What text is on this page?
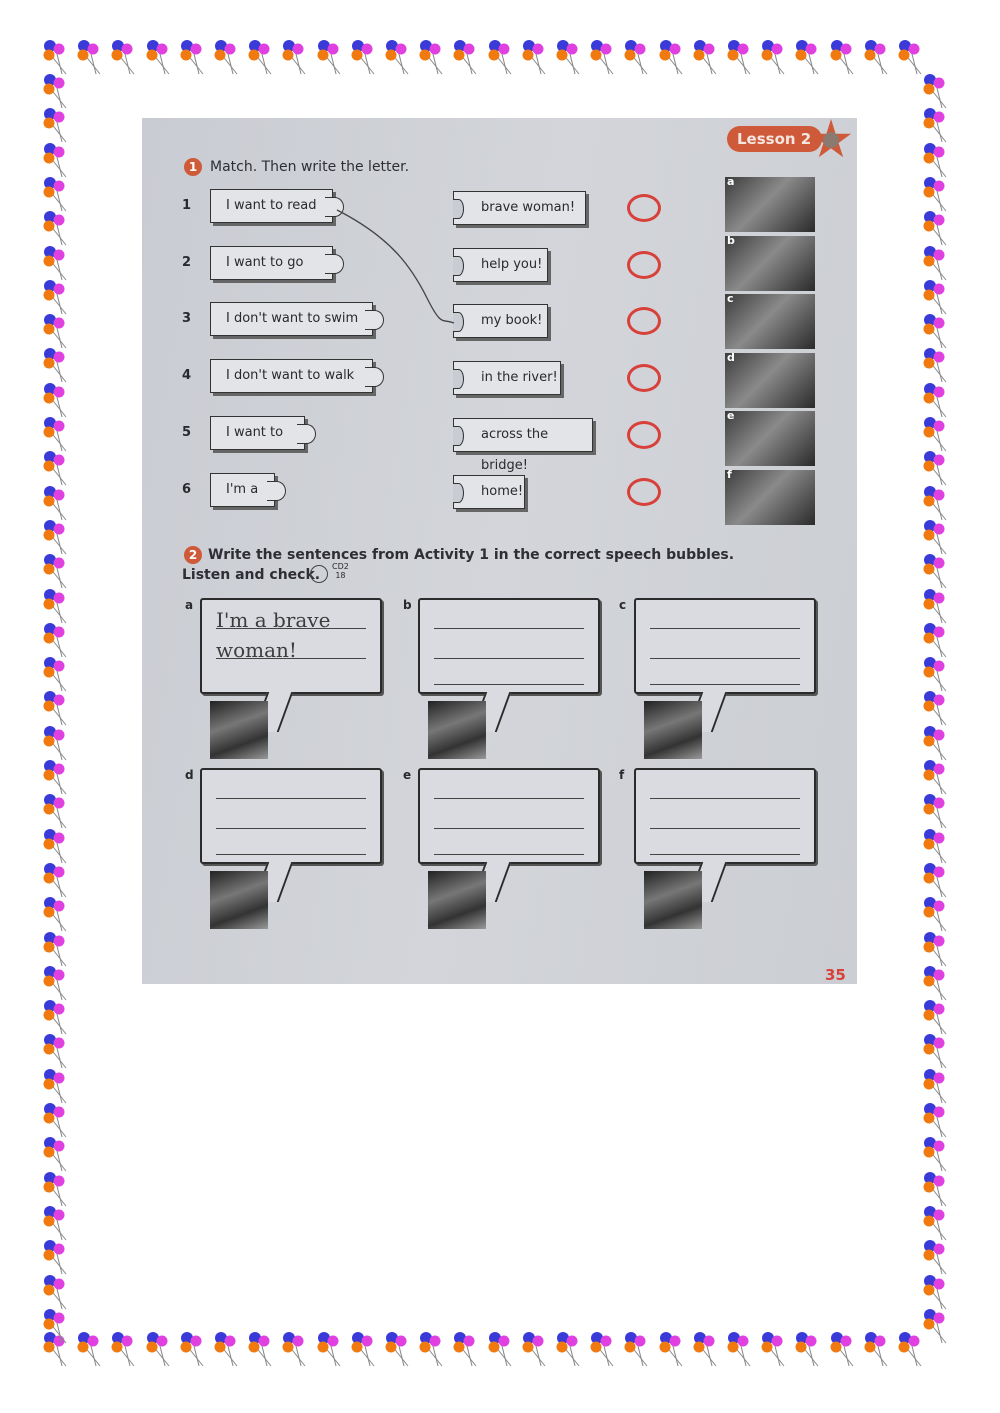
Lesson 2
1 Match. Then write the letter.
1	I want to read	brave woman!
2	I want to go	help you!
3	I don't want to swim	my book!
4	I don't want to walk	in the river!
5	I want to	across the bridge!
6	I'm a	home!
a
b
c
d
e
f
2 Write the sentences from Activity 1 in the correct speech bubbles.
Listen and check.
CD2
18
a
I'm a brave
woman!
b	c
d	e	f
35
